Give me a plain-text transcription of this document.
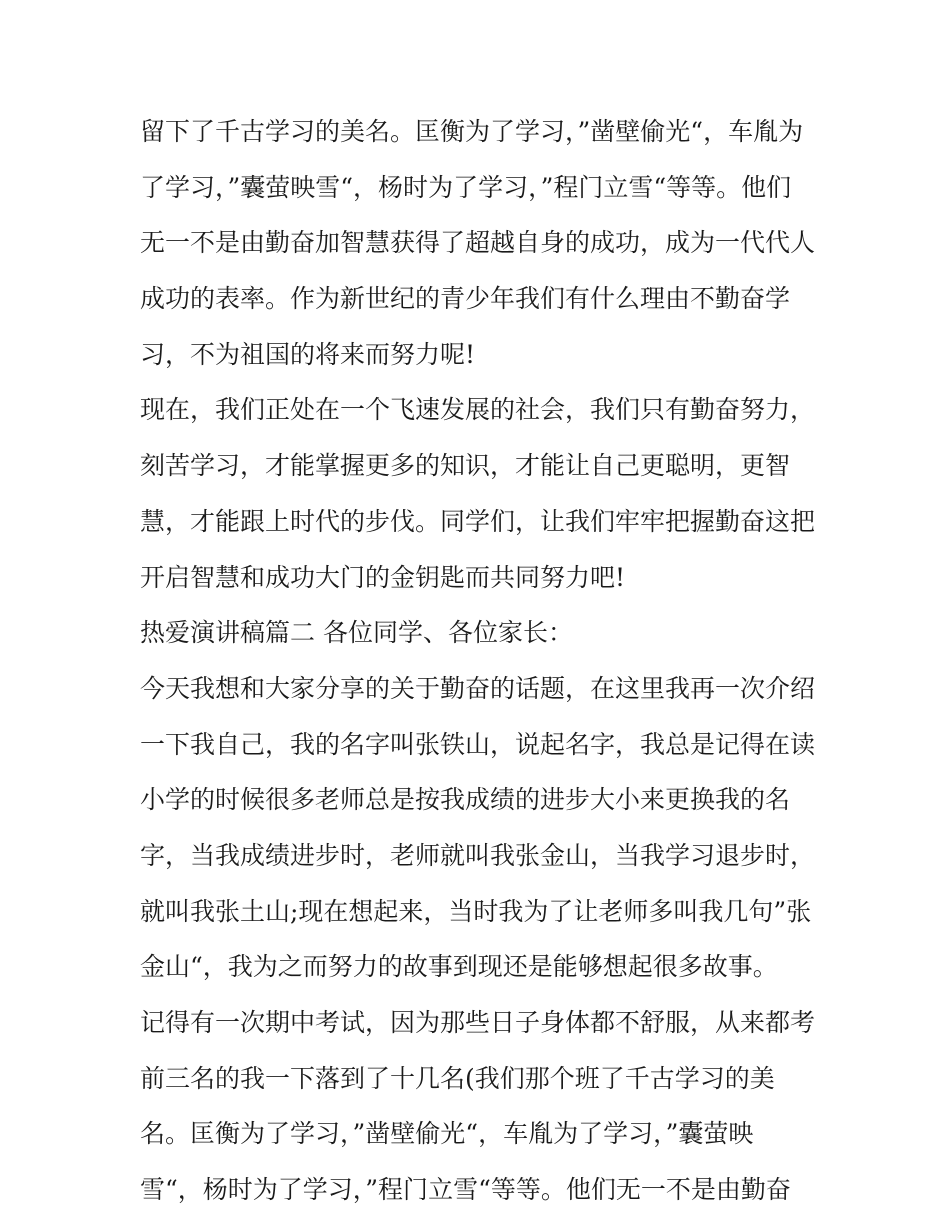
留下了千古学习的美名。匡衡为了学习，”凿壁偷光“，车胤为

了学习，”囊萤映雪“，杨时为了学习，”程门立雪“等等。他们

无一不是由勤奋加智慧获得了超越自身的成功，成为一代代人

成功的表率。作为新世纪的青少年我们有什么理由不勤奋学

习，不为祖国的将来而努力呢!

现在，我们正处在一个飞速发展的社会，我们只有勤奋努力，

刻苦学习，才能掌握更多的知识，才能让自己更聪明，更智

慧，才能跟上时代的步伐。同学们，让我们牢牢把握勤奋这把

开启智慧和成功大门的金钥匙而共同努力吧!

热爱演讲稿篇二 各位同学、各位家长：

今天我想和大家分享的关于勤奋的话题，在这里我再一次介绍

一下我自己，我的名字叫张铁山，说起名字，我总是记得在读

小学的时候很多老师总是按我成绩的进步大小来更换我的名

字，当我成绩进步时，老师就叫我张金山，当我学习退步时，

就叫我张土山;现在想起来，当时我为了让老师多叫我几句”张

金山“，我为之而努力的故事到现还是能够想起很多故事。

记得有一次期中考试，因为那些日子身体都不舒服，从来都考

前三名的我一下落到了十几名(我们那个班了千古学习的美

名。匡衡为了学习，”凿壁偷光“，车胤为了学习，”囊萤映

雪“，杨时为了学习，”程门立雪“等等。他们无一不是由勤奋
